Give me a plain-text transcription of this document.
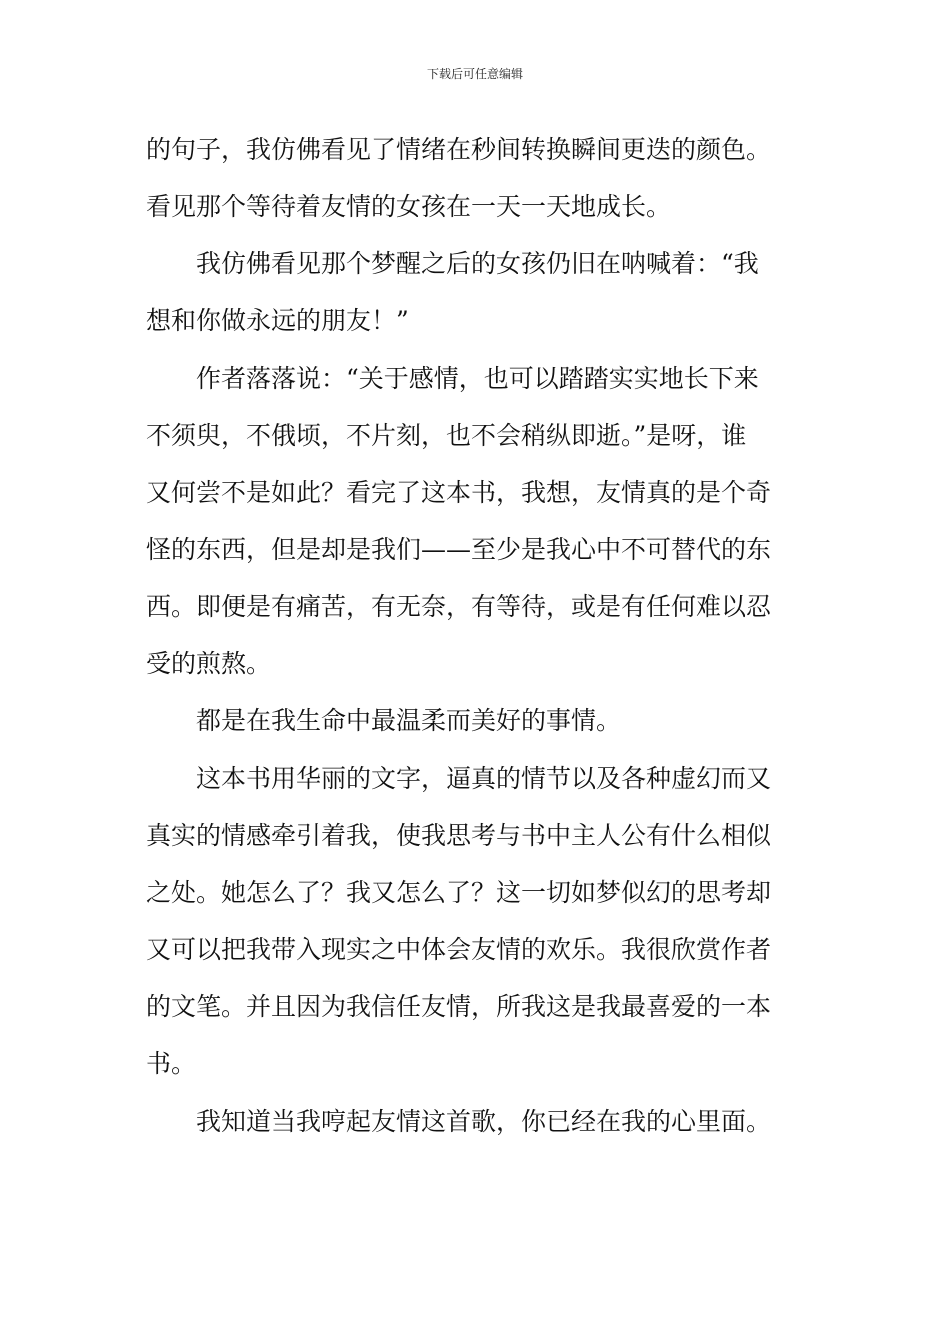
下载后可任意编辑
的句子，我仿佛看见了情绪在秒间转换瞬间更迭的颜色。
看见那个等待着友情的女孩在一天一天地成长。
我仿佛看见那个梦醒之后的女孩仍旧在呐喊着：“我
想和你做永远的朋友！”
作者落落说：“关于感情，也可以踏踏实实地长下来
不须臾，不俄顷，不片刻，也不会稍纵即逝。”是呀，谁
又何尝不是如此？看完了这本书，我想，友情真的是个奇
怪的东西，但是却是我们——至少是我心中不可替代的东
西。即便是有痛苦，有无奈，有等待，或是有任何难以忍
受的煎熬。
都是在我生命中最温柔而美好的事情。
这本书用华丽的文字，逼真的情节以及各种虚幻而又
真实的情感牵引着我，使我思考与书中主人公有什么相似
之处。她怎么了？我又怎么了？这一切如梦似幻的思考却
又可以把我带入现实之中体会友情的欢乐。我很欣赏作者
的文笔。并且因为我信任友情，所我这是我最喜爱的一本
书。
我知道当我哼起友情这首歌，你已经在我的心里面。
